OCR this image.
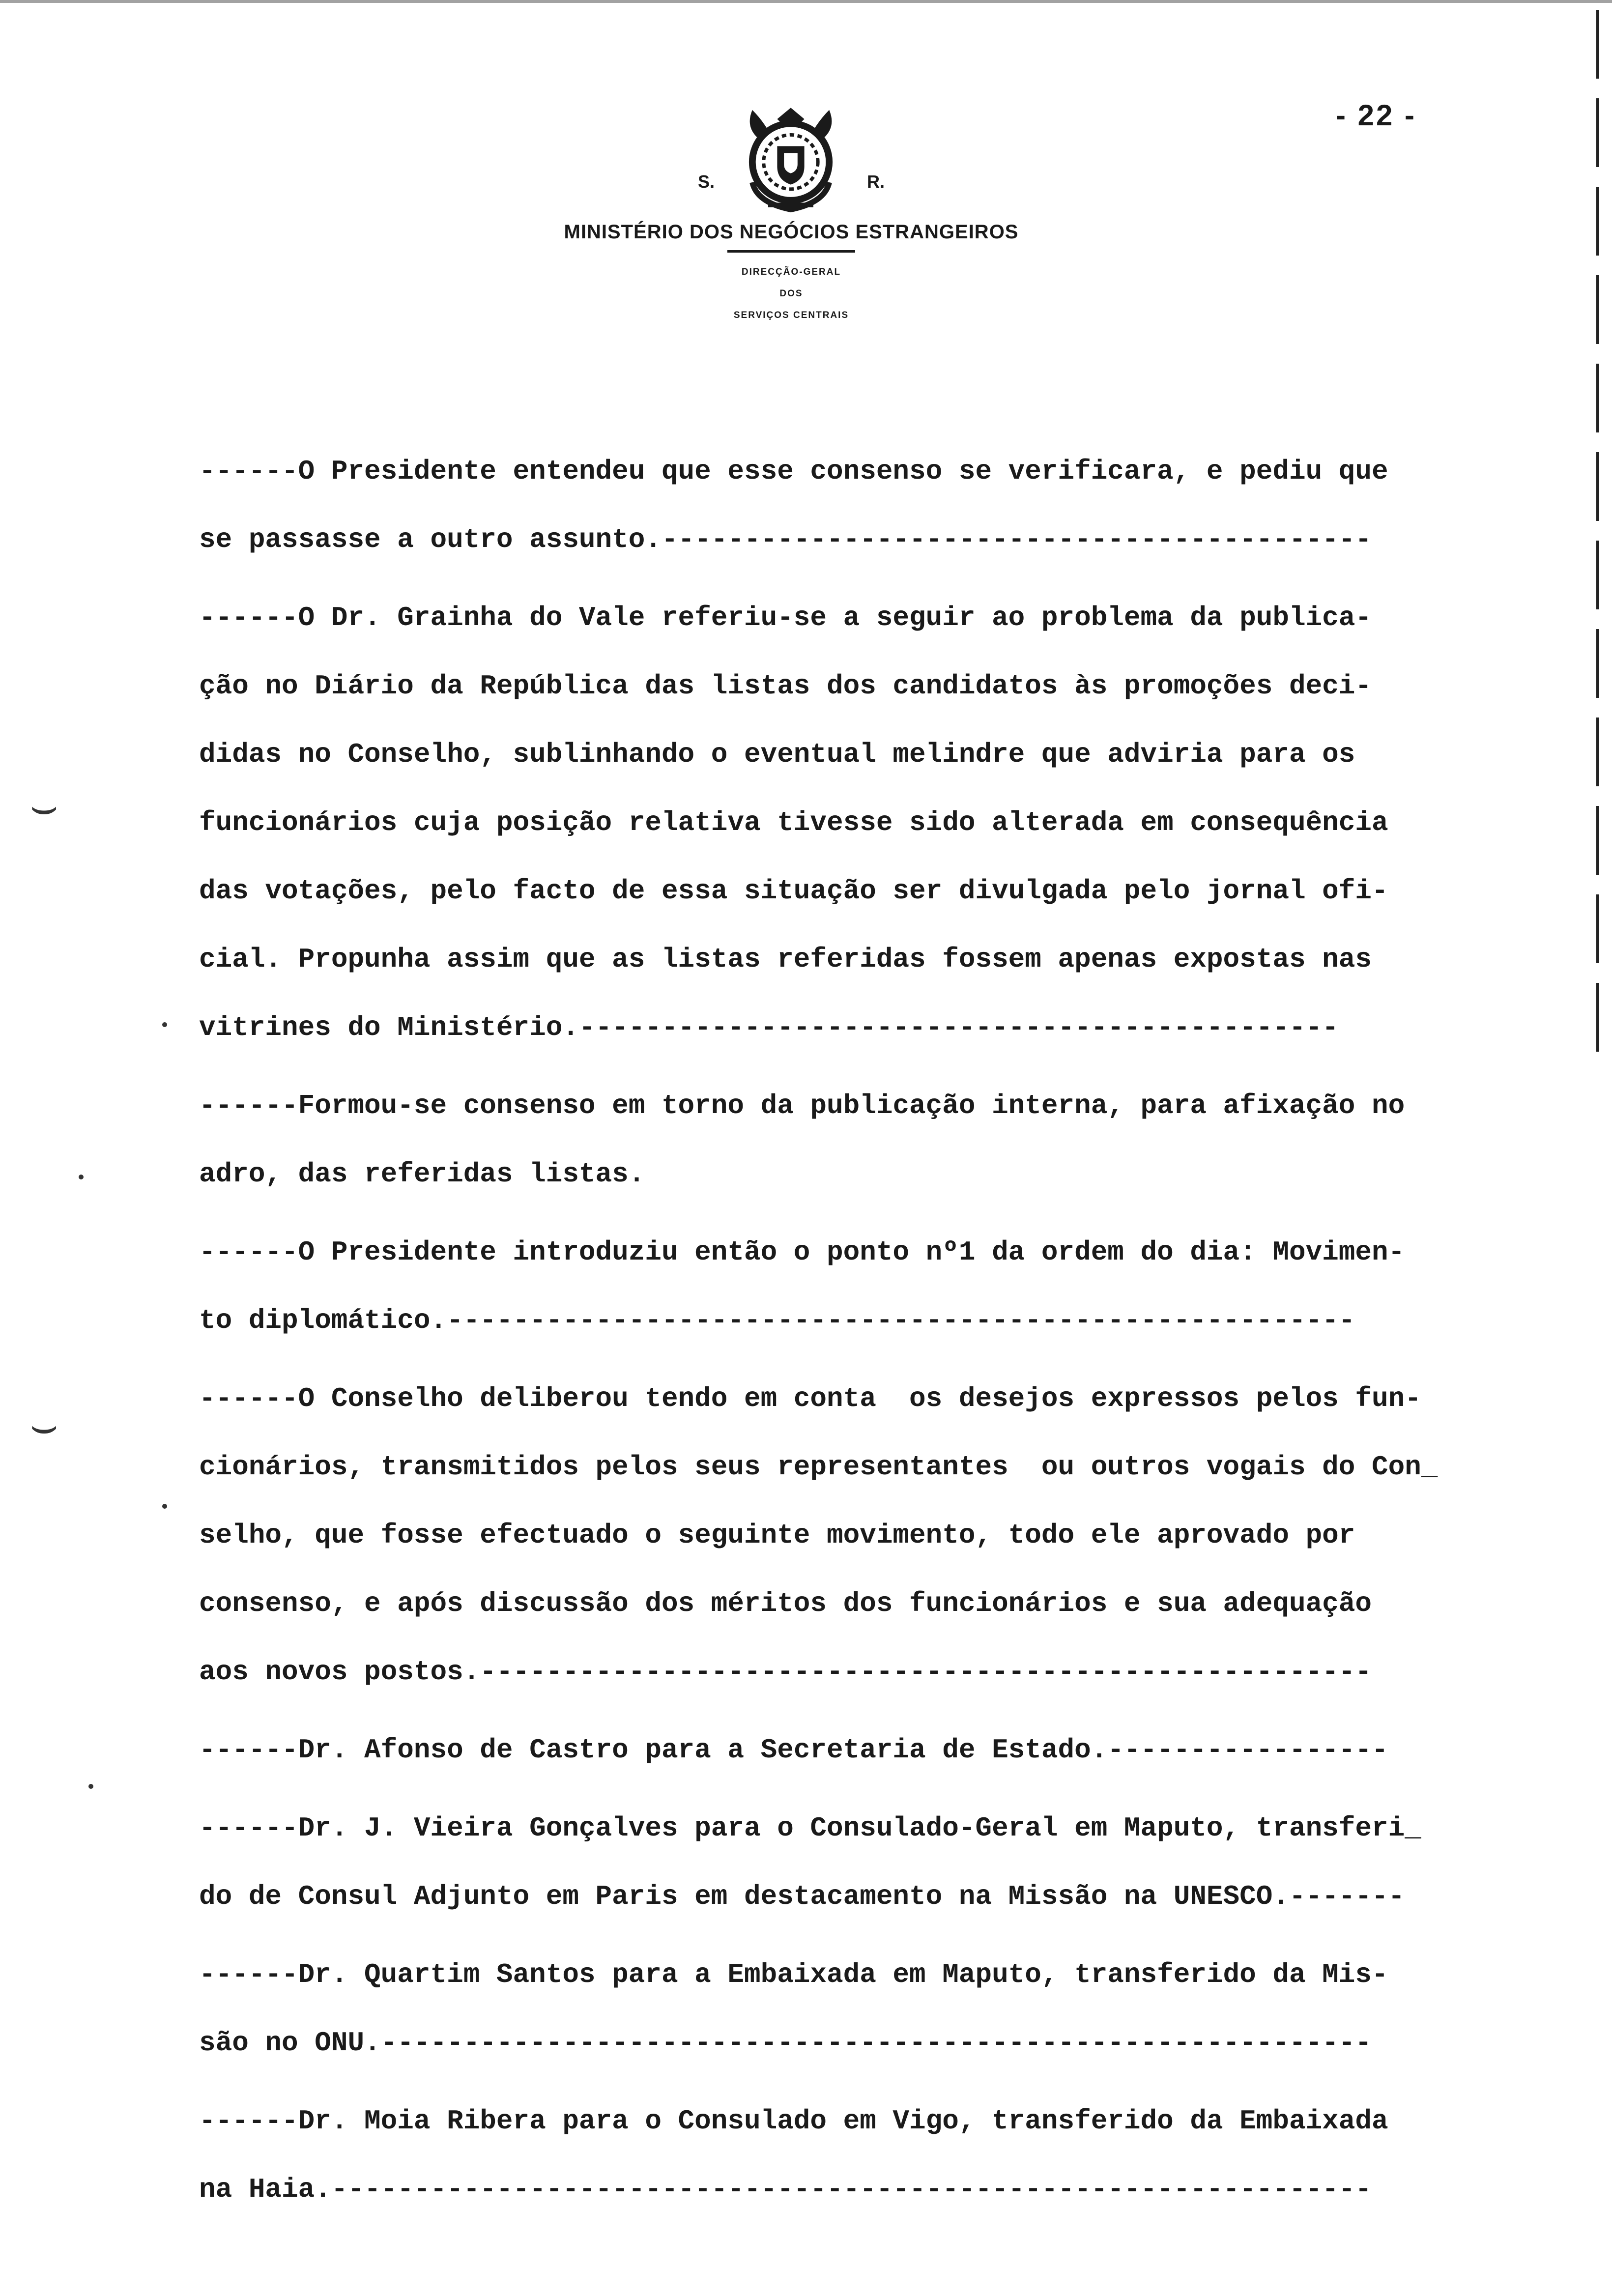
- 22 -
S.	R.
MINISTÉRIO DOS NEGÓCIOS ESTRANGEIROS
DIRECÇÃO-GERAL
DOS
SERVIÇOS CENTRAIS
------O Presidente entendeu que esse consenso se verificara, e pediu que
se passasse a outro assunto.-------------------------------------------
------O Dr. Grainha do Vale referiu-se a seguir ao problema da publica-
ção no Diário da República das listas dos candidatos às promoções deci-
didas no Conselho, sublinhando o eventual melindre que adviria para os
funcionários cuja posição relativa tivesse sido alterada em consequência
das votações, pelo facto de essa situação ser divulgada pelo jornal ofi-
cial. Propunha assim que as listas referidas fossem apenas expostas nas
vitrines do Ministério.----------------------------------------------
------Formou-se consenso em torno da publicação interna, para afixação no
adro, das referidas listas.
------O Presidente introduziu então o ponto nº1 da ordem do dia: Movimen-
to diplomático.-------------------------------------------------------
------O Conselho deliberou tendo em conta  os desejos expressos pelos fun-
cionários, transmitidos pelos seus representantes  ou outros vogais do Con_
selho, que fosse efectuado o seguinte movimento, todo ele aprovado por
consenso, e após discussão dos méritos dos funcionários e sua adequação
aos novos postos.------------------------------------------------------
------Dr. Afonso de Castro para a Secretaria de Estado.-----------------
------Dr. J. Vieira Gonçalves para o Consulado-Geral em Maputo, transferi_
do de Consul Adjunto em Paris em destacamento na Missão na UNESCO.-------
------Dr. Quartim Santos para a Embaixada em Maputo, transferido da Mis-
são no ONU.------------------------------------------------------------
------Dr. Moia Ribera para o Consulado em Vigo, transferido da Embaixada
na Haia.---------------------------------------------------------------
⌣
⌣
